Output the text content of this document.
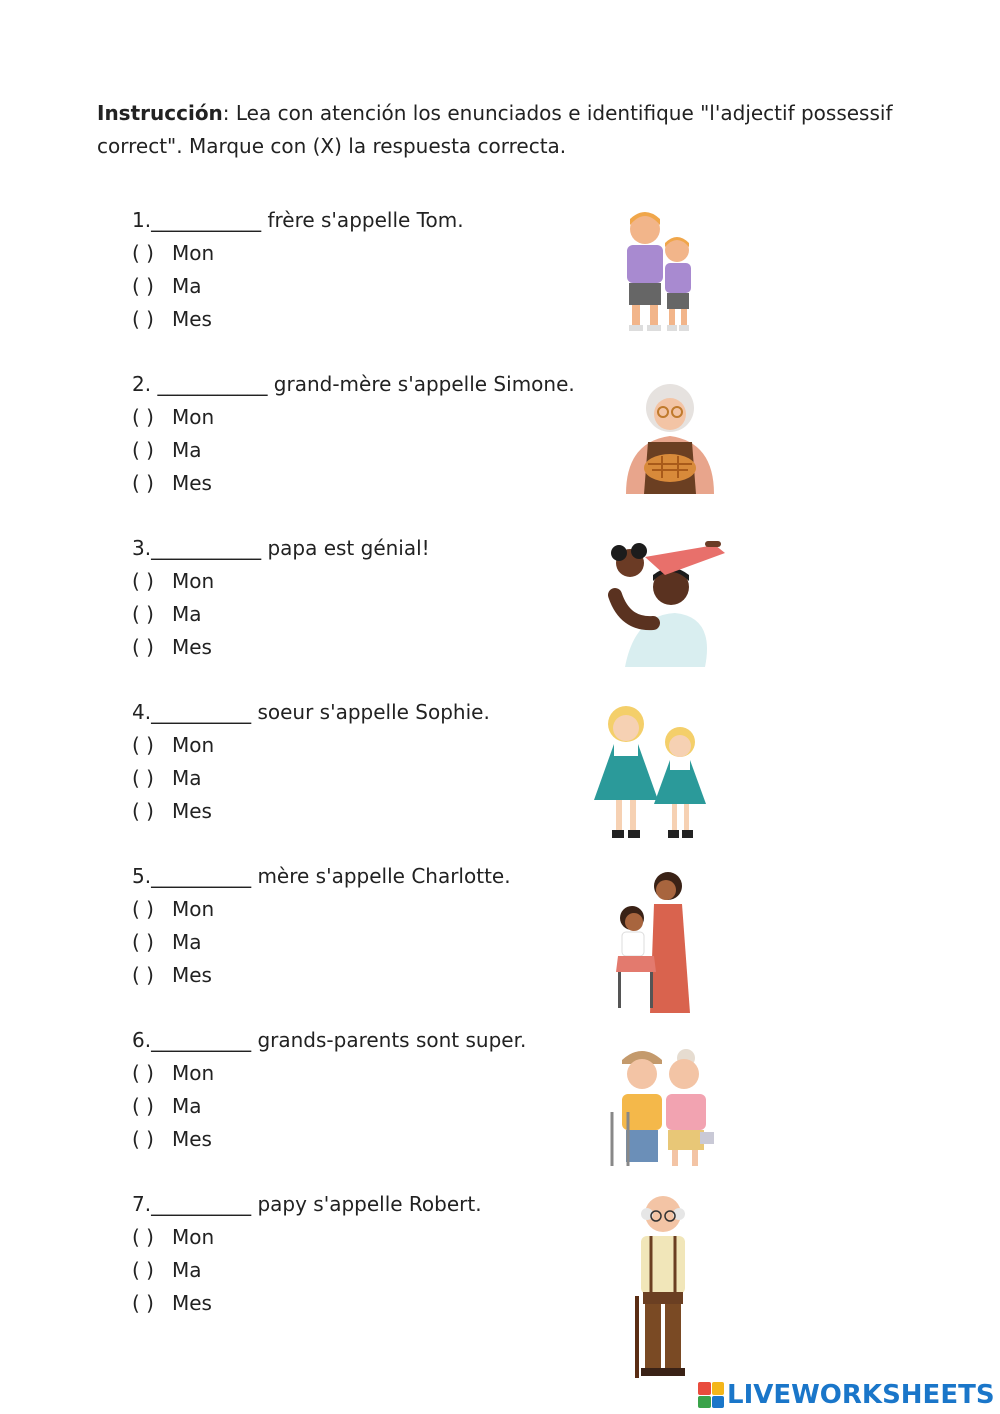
Instrucción: Lea con atención los enunciados e identifique "l'adjectif possessif correct". Marque con (X) la respuesta correcta.
1.___________ frère s'appelle Tom.
( ) Mon
( ) Ma
( ) Mes
2. ___________ grand-mère s'appelle Simone.
( ) Mon
( ) Ma
( ) Mes
3.___________ papa est génial!
( ) Mon
( ) Ma
( ) Mes
4.__________ soeur s'appelle Sophie.
( ) Mon
( ) Ma
( ) Mes
5.__________ mère s'appelle Charlotte.
( ) Mon
( ) Ma
( ) Mes
6.__________ grands-parents sont super.
( ) Mon
( ) Ma
( ) Mes
7.__________ papy s'appelle Robert.
( ) Mon
( ) Ma
( ) Mes
LIVEWORKSHEETS
